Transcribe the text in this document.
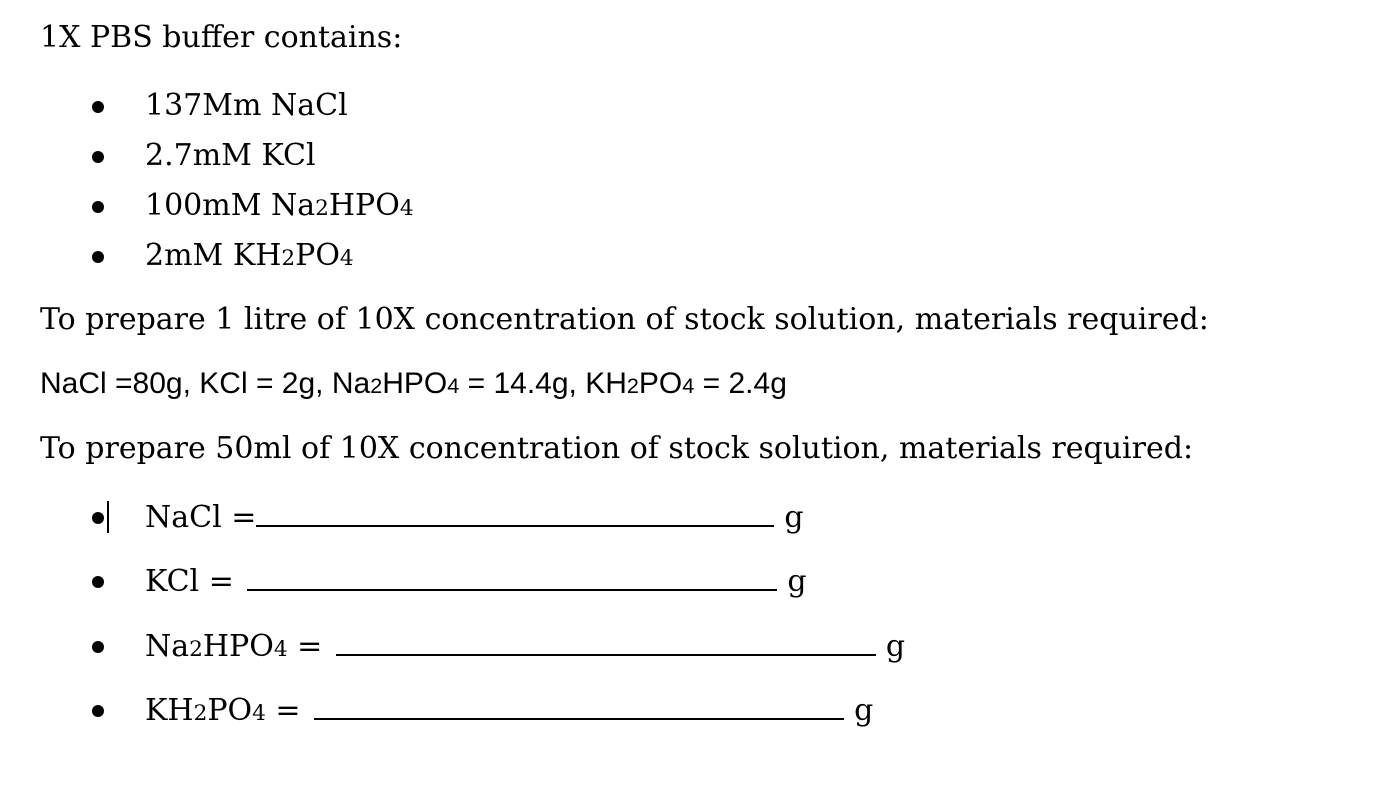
1X PBS buffer contains:
137Mm NaCl
2.7mM KCl
100mM Na2HPO4
2mM KH2PO4
To prepare 1 litre of 10X concentration of stock solution, materials required:
NaCl =80g, KCl = 2g, Na2HPO4 = 14.4g, KH2PO4 = 2.4g
To prepare 50ml of 10X concentration of stock solution, materials required:
NaCl =	g
KCl =	g
Na2HPO4 =	g
KH2PO4 =	g
